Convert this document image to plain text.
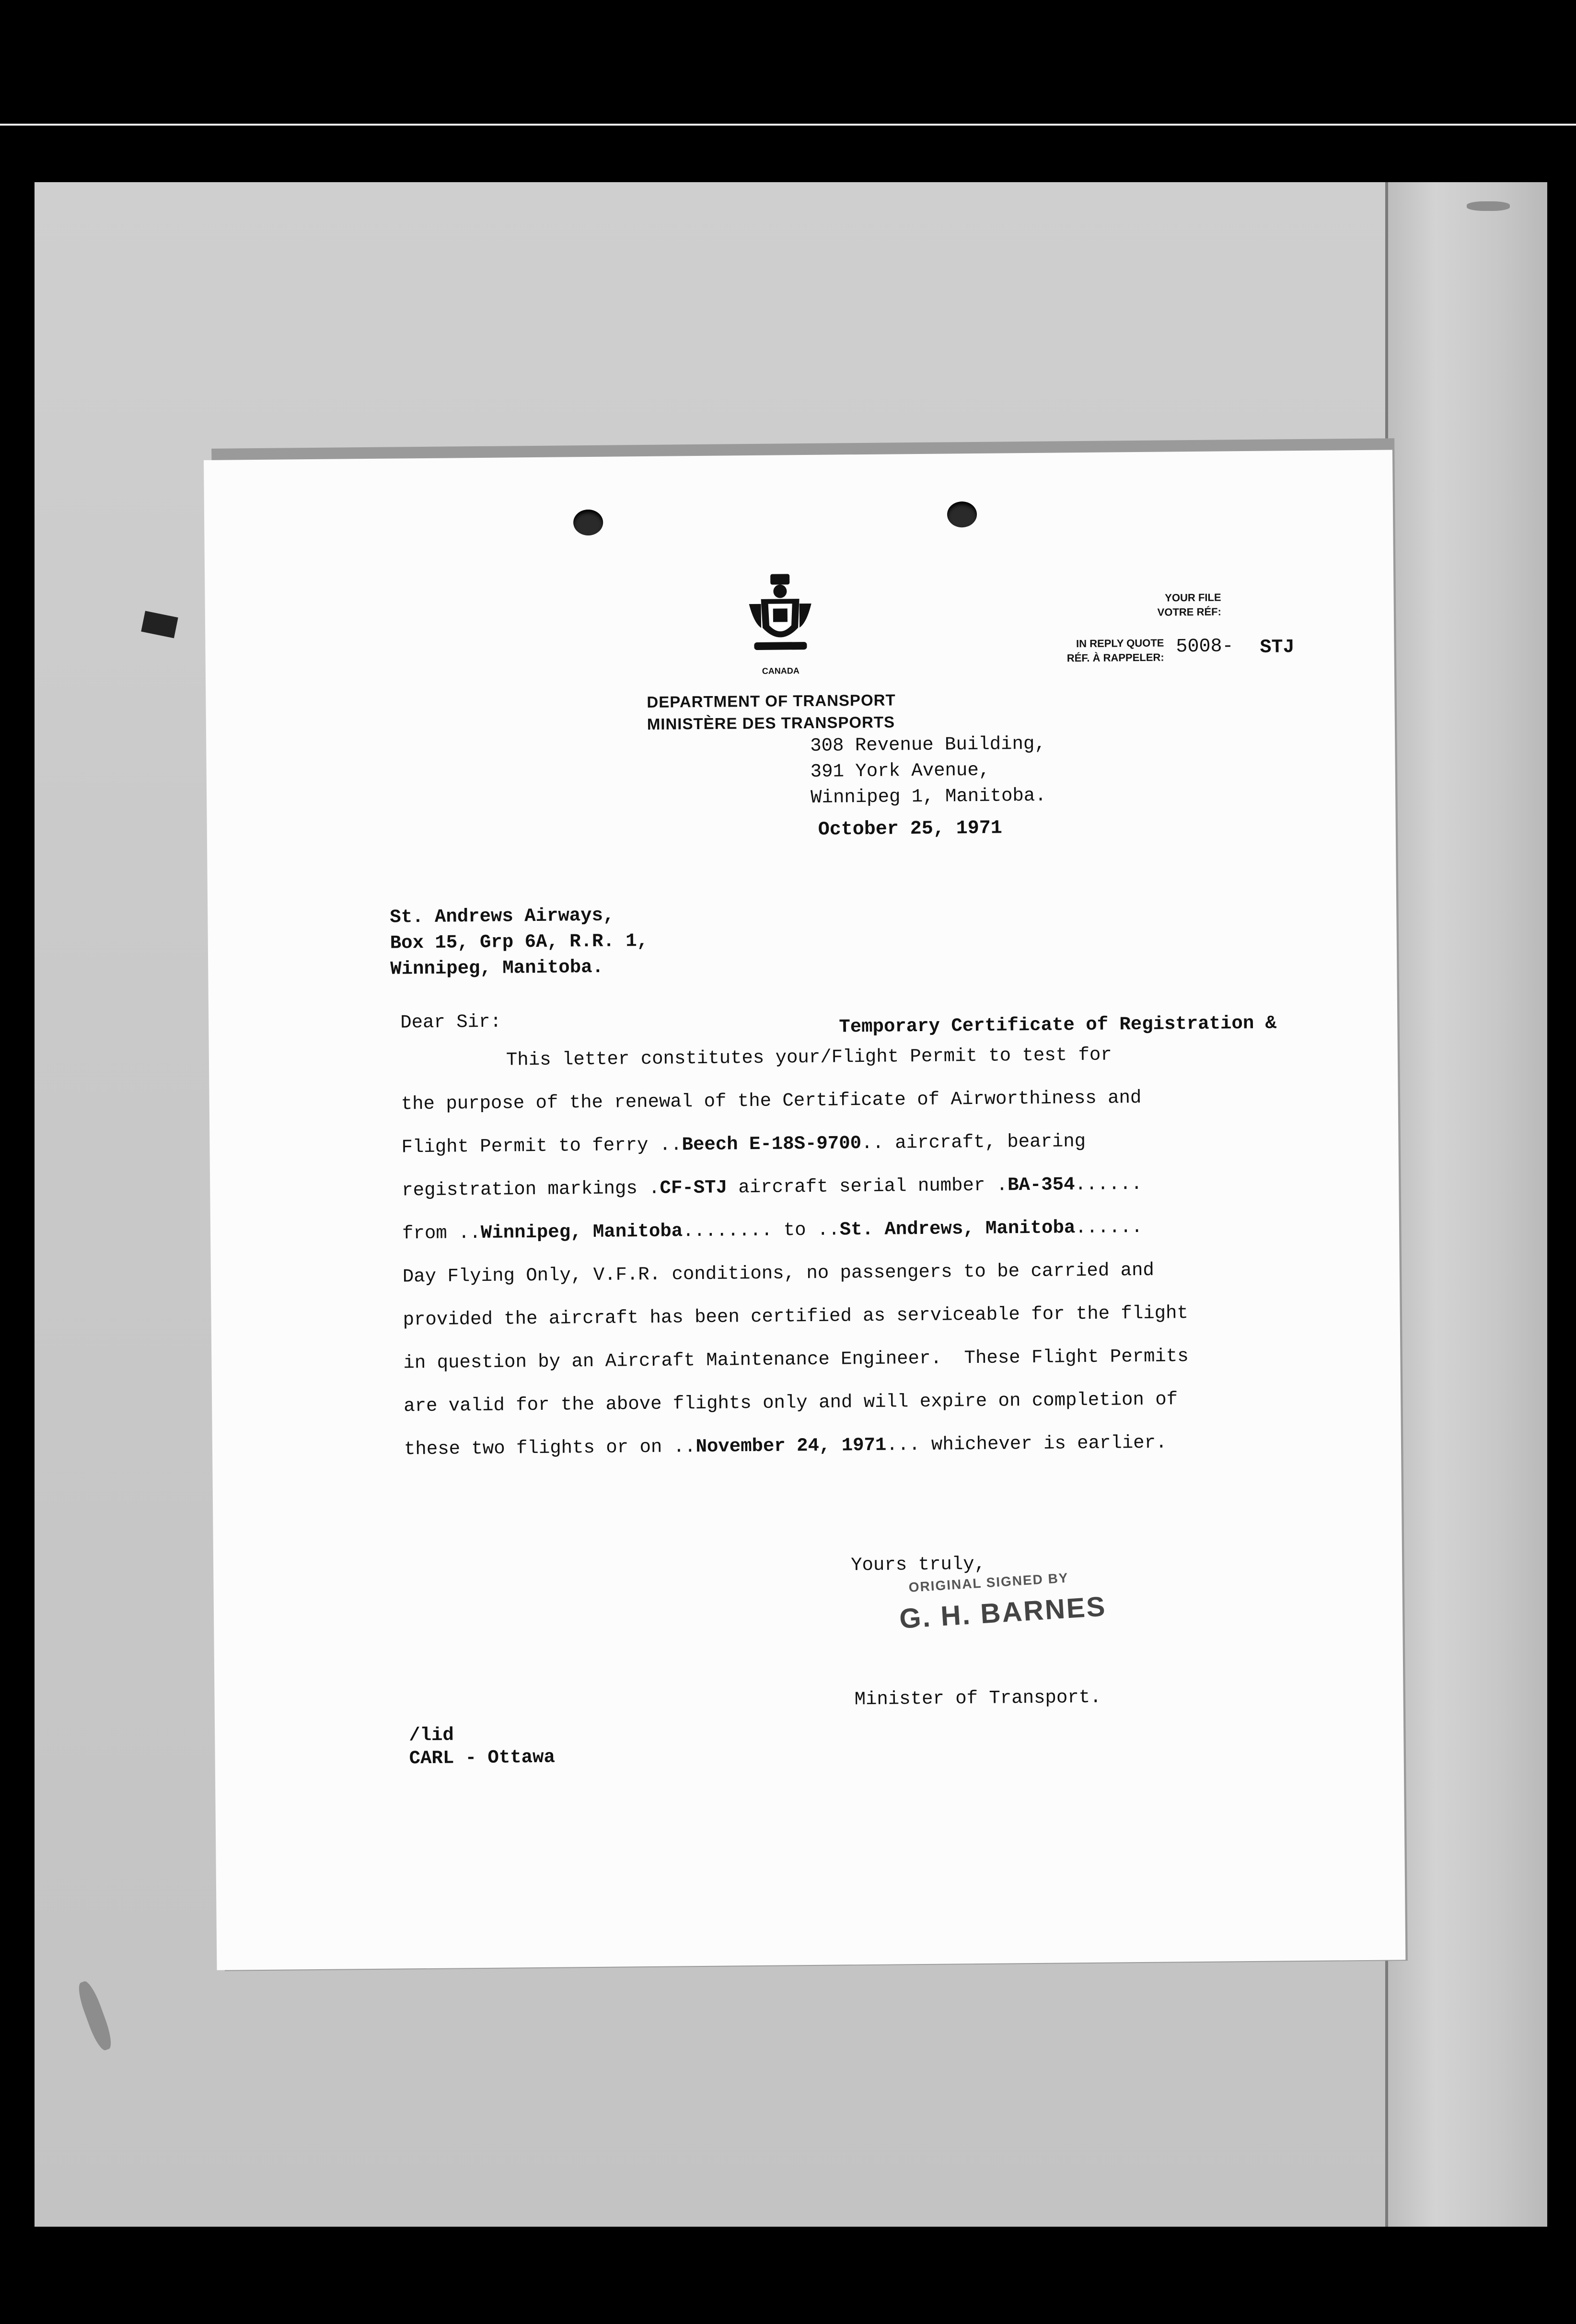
CANADA
DEPARTMENT OF TRANSPORT
MINISTÈRE DES TRANSPORTS
YOUR FILE
VOTRE RÉF:
IN REPLY QUOTE
RÉF. À RAPPELER: 5008- STJ
308 Revenue Building,
391 York Avenue,
Winnipeg 1, Manitoba.
October 25, 1971
St. Andrews Airways,
Box 15, Grp 6A, R.R. 1,
Winnipeg, Manitoba.
Dear Sir:	Temporary Certificate of Registration &
This letter constitutes your/Flight Permit to test for
the purpose of the renewal of the Certificate of Airworthiness and
Flight Permit to ferry ..Beech E-18S-9700.. aircraft, bearing
registration markings .CF-STJ aircraft serial number .BA-354......
from ..Winnipeg, Manitoba........ to ..St. Andrews, Manitoba......
Day Flying Only, V.F.R. conditions, no passengers to be carried and
provided the aircraft has been certified as serviceable for the flight
in question by an Aircraft Maintenance Engineer.  These Flight Permits
are valid for the above flights only and will expire on completion of
these two flights or on ..November 24, 1971... whichever is earlier.
Yours truly,
ORIGINAL SIGNED BY
G. H. BARNES
Minister of Transport.
/lid
CARL - Ottawa
